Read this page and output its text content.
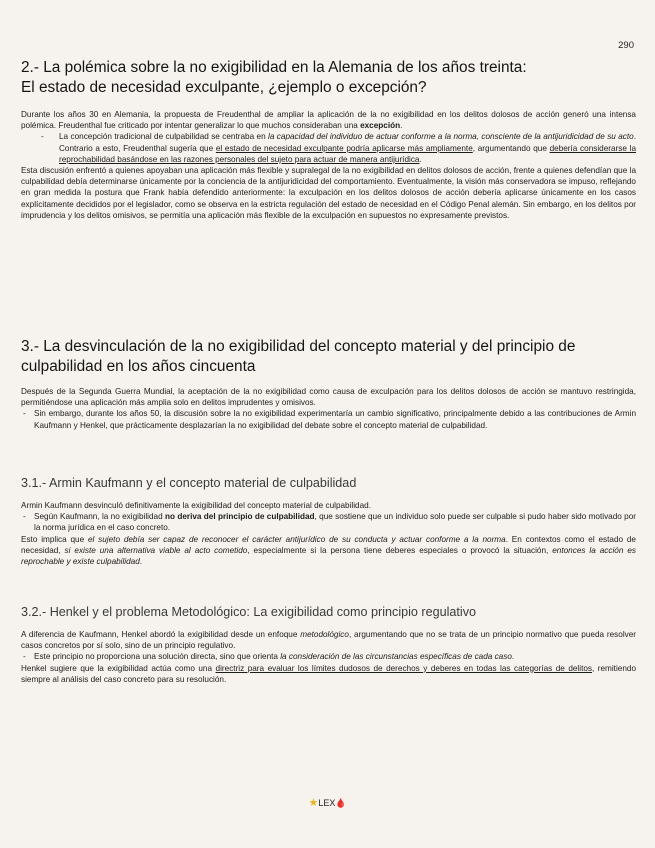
290
2.- La polémica sobre la no exigibilidad en la Alemania de los años treinta:
El estado de necesidad exculpante, ¿ejemplo o excepción?

Durante los años 30 en Alemania, la propuesta de Freudenthal de ampliar la aplicación de la no exigibilidad en los delitos dolosos de acción generó una intensa polémica. Freudenthal fue criticado por intentar generalizar lo que muchos consideraban una excepción.

- La concepción tradicional de culpabilidad se centraba en la capacidad del individuo de actuar conforme a la norma, consciente de la antijuridicidad de su acto. Contrario a esto, Freudenthal sugería que el estado de necesidad exculpante podría aplicarse más ampliamente, argumentando que debería considerarse la reprochabilidad basándose en las razones personales del sujeto para actuar de manera antijurídica.

Esta discusión enfrentó a quienes apoyaban una aplicación más flexible y supralegal de la no exigibilidad en delitos dolosos de acción, frente a quienes defendían que la culpabilidad debía determinarse únicamente por la conciencia de la antijuridicidad del comportamiento. Eventualmente, la visión más conservadora se impuso, reflejando en gran medida la postura que Frank había defendido anteriormente: la exculpación en los delitos dolosos de acción debería aplicarse únicamente en los casos explícitamente decididos por el legislador, como se observa en la estricta regulación del estado de necesidad en el Código Penal alemán. Sin embargo, en los delitos por imprudencia y los delitos omisivos, se permitía una aplicación más flexible de la exculpación en supuestos no expresamente previstos.

3.- La desvinculación de la no exigibilidad del concepto material y del principio de
culpabilidad en los años cincuenta

Después de la Segunda Guerra Mundial, la aceptación de la no exigibilidad como causa de exculpación para los delitos dolosos de acción se mantuvo restringida, permitiéndose una aplicación más amplia solo en delitos imprudentes y omisivos.

- Sin embargo, durante los años 50, la discusión sobre la no exigibilidad experimentaría un cambio significativo, principalmente debido a las contribuciones de Armin Kaufmann y Henkel, que prácticamente desplazarían la no exigibilidad del debate sobre el concepto material de culpabilidad.

3.1.- Armin Kaufmann y el concepto material de culpabilidad

Armin Kaufmann desvinculó definitivamente la exigibilidad del concepto material de culpabilidad.

- Según Kaufmann, la no exigibilidad no deriva del principio de culpabilidad, que sostiene que un individuo solo puede ser culpable si pudo haber sido motivado por la norma jurídica en el caso concreto.

Esto implica que el sujeto debía ser capaz de reconocer el carácter antijurídico de su conducta y actuar conforme a la norma. En contextos como el estado de necesidad, si existe una alternativa viable al acto cometido, especialmente si la persona tiene deberes especiales o provocó la situación, entonces la acción es reprochable y existe culpabilidad.

3.2.- Henkel y el problema Metodológico: La exigibilidad como principio regulativo

A diferencia de Kaufmann, Henkel abordó la exigibilidad desde un enfoque metodológico, argumentando que no se trata de un principio normativo que pueda resolver casos concretos por sí solo, sino de un principio regulativo.

- Este principio no proporciona una solución directa, sino que orienta la consideración de las circunstancias específicas de cada caso.

Henkel sugiere que la exigibilidad actúa como una directriz para evaluar los límites dudosos de derechos y deberes en todas las categorías de delitos, remitiendo siempre al análisis del caso concreto para su resolución.

★LEX🩸
